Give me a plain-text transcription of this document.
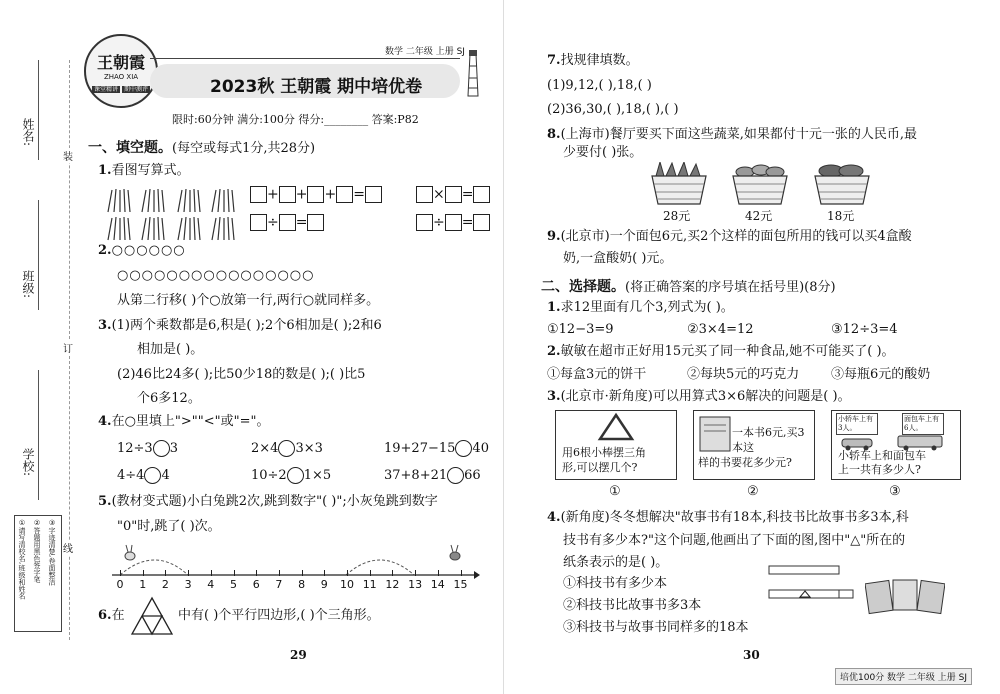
姓名:
班级:
学校:
装
订
线
①请写清校名,班级和姓名 ②答题用黑色签字笔 ③字迹清楚,卷面整洁
王朝霞
ZHAO XIA
课堂精讲 期中测评
数学 二年级 上册 SJ
2023秋 王朝霞 期中培优卷
限时:60分钟 满分:100分 得分:________ 答案:P82
一、填空题。(每空或每式1分,共28分)
1.看图写算式。
+ + + =	× =
÷ =	÷ =
2.○○○○○○
○○○○○○○○○○○○○○○○
从第二行移( )个○放第一行,两行○就同样多。
3.(1)两个乘数都是6,积是( );2个6相加是( );2和6
相加是( )。
(2)46比24多( );比50少18的数是( );( )比5
个6多12。
4.在○里填上">""<"或"="。
12÷3 3	2×4 3×3	19+27−15 40
4÷4 4	10÷2 1×5	37+8+21 66
5.(教材变式题)小白兔跳2次,跳到数字"( )";小灰兔跳到数字
"0"时,跳了( )次。
0	1	2	3	4	5	6	7	8	9	10 11 12 13 14 15
6.在	中有( )个平行四边形,( )个三角形。
29
7.找规律填数。
(1)9,12,( ),18,( )
(2)36,30,( ),18,( ),( )
8.(上海市)餐厅要买下面这些蔬菜,如果都付十元一张的人民币,最
少要付( )张。
28元	42元	18元
9.(北京市)一个面包6元,买2个这样的面包所用的钱可以买4盒酸
奶,一盒酸奶( )元。
二、选择题。(将正确答案的序号填在括号里)(8分)
1.求12里面有几个3,列式为( )。
①12−3=9	②3×4=12	③12÷3=4
2.敏敏在超市正好用15元买了同一种食品,她不可能买了( )。
①每盒3元的饼干	②每块5元的巧克力 ③每瓶6元的酸奶
3.(北京市·新角度)可以用算式3×6解决的问题是( )。
用6根小棒摆三角
形,可以摆几个?
一本书6元,买3本这
样的书要花多少元?
小轿车上有3人。
面包车上有6人。
小轿车上和面包车
上一共有多少人?
①	②	③
4.(新角度)冬冬想解决"故事书有18本,科技书比故事书多3本,科
技书有多少本?"这个问题,他画出了下面的图,图中"△"所在的
纸条表示的是( )。
①科技书有多少本
②科技书比故事书多3本
③科技书与故事书同样多的18本
30
培优100分 数学 二年级 上册 SJ
